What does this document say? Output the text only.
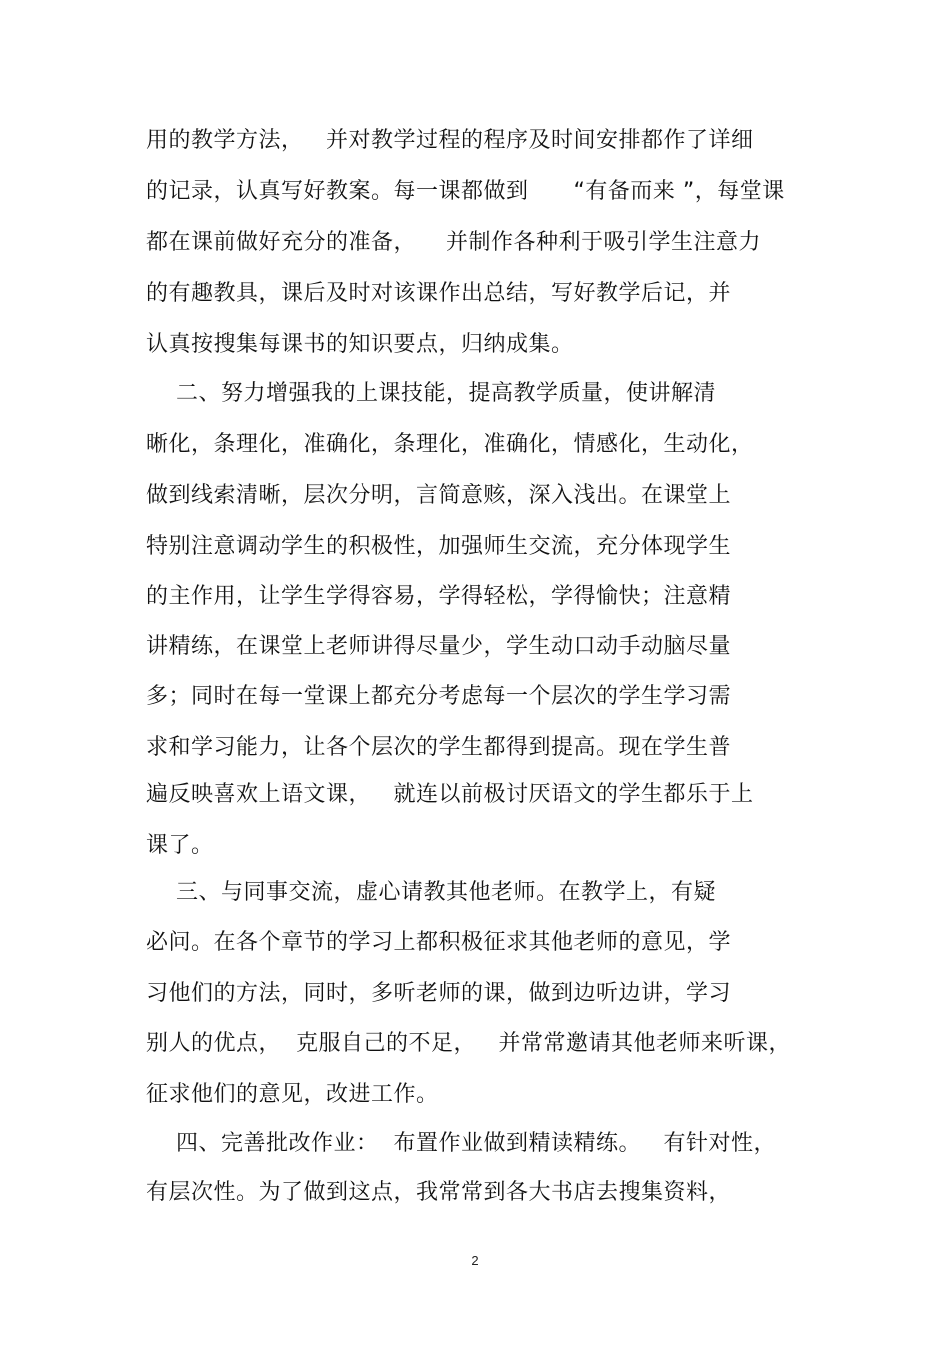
用的教学方法，   并对教学过程的程序及时间安排都作了详细
的记录，认真写好教案。每一课都做到      “有备而来 ”，每堂课
都在课前做好充分的准备，    并制作各种利于吸引学生注意力
的有趣教具，课后及时对该课作出总结，写好教学后记，并
认真按搜集每课书的知识要点，归纳成集。
二、努力增强我的上课技能，提高教学质量，使讲解清
晰化，条理化，准确化，条理化，准确化，情感化，生动化，
做到线索清晰，层次分明，言简意赅，深入浅出。在课堂上
特别注意调动学生的积极性，加强师生交流，充分体现学生
的主作用，让学生学得容易，学得轻松，学得愉快；注意精
讲精练，在课堂上老师讲得尽量少，学生动口动手动脑尽量
多；同时在每一堂课上都充分考虑每一个层次的学生学习需
求和学习能力，让各个层次的学生都得到提高。现在学生普
遍反映喜欢上语文课，   就连以前极讨厌语文的学生都乐于上
课了。
三、与同事交流，虚心请教其他老师。在教学上，有疑
必问。在各个章节的学习上都积极征求其他老师的意见，学
习他们的方法，同时，多听老师的课，做到边听边讲，学习
别人的优点，  克服自己的不足，   并常常邀请其他老师来听课，
征求他们的意见，改进工作。
四、完善批改作业：  布置作业做到精读精练。   有针对性，
有层次性。为了做到这点，我常常到各大书店去搜集资料，
2
